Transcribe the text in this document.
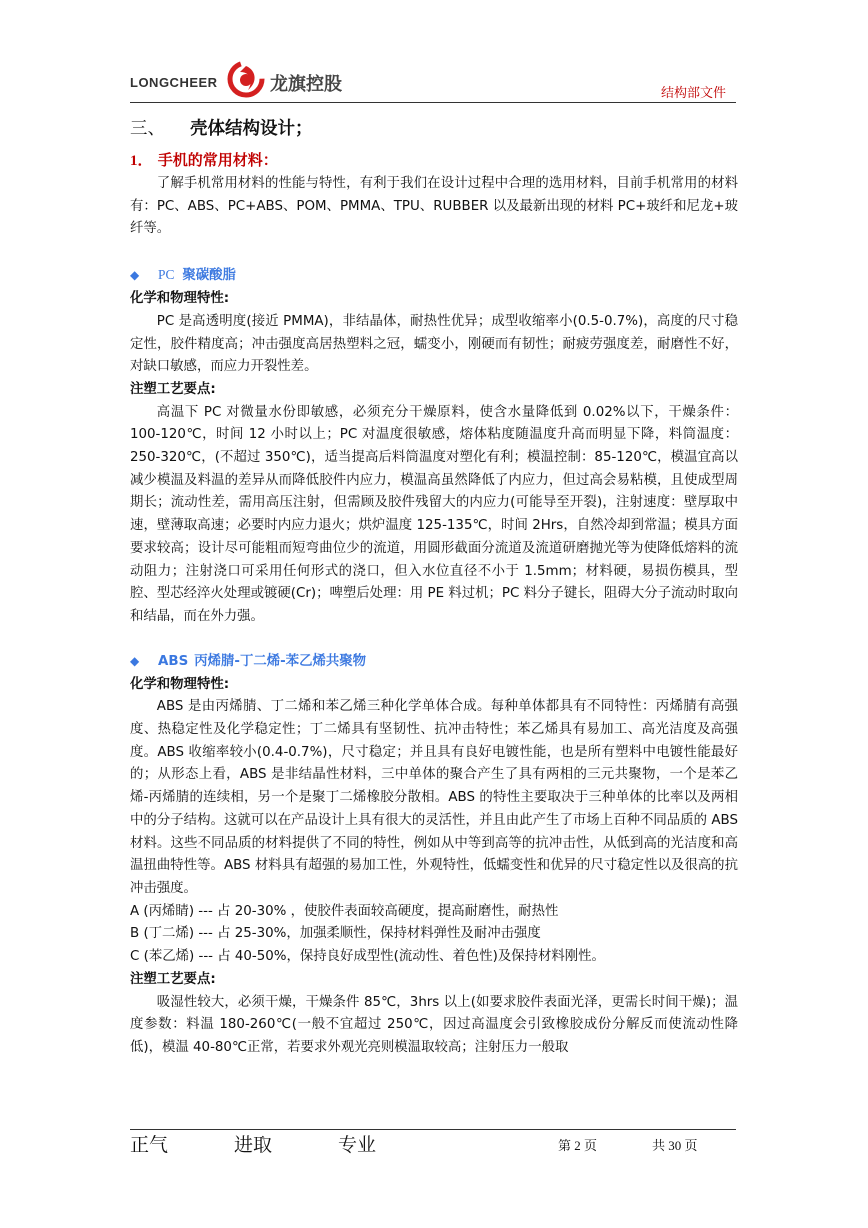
LONGCHEER	龙旗控股	结构部文件
三、 壳体结构设计；
1． 手机的常用材料：

了解手机常用材料的性能与特性，有利于我们在设计过程中合理的选用材料，目前手机常用的材料有：PC、ABS、PC+ABS、POM、PMMA、TPU、RUBBER 以及最新出现的材料 PC+玻纤和尼龙+玻纤等。

◆ PC 聚碳酸脂

化学和物理特性:

PC 是高透明度(接近 PMMA)，非结晶体，耐热性优异；成型收缩率小(0.5-0.7%)，高度的尺寸稳定性，胶件精度高；冲击强度高居热塑料之冠，蠕变小，刚硬而有韧性；耐疲劳强度差，耐磨性不好，对缺口敏感，而应力开裂性差。

注塑工艺要点:

高温下 PC 对微量水份即敏感，必须充分干燥原料，使含水量降低到 0.02%以下，干燥条件：100-120℃，时间 12 小时以上；PC 对温度很敏感，熔体粘度随温度升高而明显下降，料筒温度：250-320℃，(不超过 350℃)，适当提高后料筒温度对塑化有利；模温控制：85-120℃，模温宜高以减少模温及料温的差异从而降低胶件内应力，模温高虽然降低了内应力，但过高会易粘模，且使成型周期长；流动性差，需用高压注射，但需顾及胶件残留大的内应力(可能导至开裂)，注射速度：壁厚取中速，壁薄取高速；必要时内应力退火；烘炉温度 125-135℃，时间 2Hrs，自然冷却到常温；模具方面要求较高；设计尽可能粗而短弯曲位少的流道，用圆形截面分流道及流道研磨抛光等为使降低熔料的流动阻力；注射浇口可采用任何形式的浇口，但入水位直径不小于 1.5mm；材料硬，易损伤模具，型腔、型芯经淬火处理或镀硬(Cr)；啤塑后处理：用 PE 料过机；PC 料分子键长，阻碍大分子流动时取向和结晶，而在外力强。

◆ ABS 丙烯腈-丁二烯-苯乙烯共聚物

化学和物理特性:

ABS 是由丙烯腈、丁二烯和苯乙烯三种化学单体合成。每种单体都具有不同特性：丙烯腈有高强度、热稳定性及化学稳定性；丁二烯具有坚韧性、抗冲击特性；苯乙烯具有易加工、高光洁度及高强度。ABS 收缩率较小(0.4-0.7%)，尺寸稳定；并且具有良好电镀性能，也是所有塑料中电镀性能最好的；从形态上看，ABS 是非结晶性材料，三中单体的聚合产生了具有两相的三元共聚物，一个是苯乙烯-丙烯腈的连续相，另一个是聚丁二烯橡胶分散相。ABS 的特性主要取决于三种单体的比率以及两相中的分子结构。这就可以在产品设计上具有很大的灵活性，并且由此产生了市场上百种不同品质的 ABS 材料。这些不同品质的材料提供了不同的特性，例如从中等到高等的抗冲击性，从低到高的光洁度和高温扭曲特性等。ABS 材料具有超强的易加工性，外观特性，低蠕变性和优异的尺寸稳定性以及很高的抗冲击强度。

A (丙烯睛) --- 占 20-30% ，使胶件表面较高硬度，提高耐磨性，耐热性

B (丁二烯) --- 占 25-30%，加强柔顺性，保持材料弹性及耐冲击强度

C (苯乙烯) --- 占 40-50%，保持良好成型性(流动性、着色性)及保持材料刚性。

注塑工艺要点:

吸湿性较大，必须干燥，干燥条件 85℃，3hrs 以上(如要求胶件表面光泽，更需长时间干燥)；温度参数：料温 180-260℃(一般不宜超过 250℃，因过高温度会引致橡胶成份分解反而使流动性降低)，模温 40-80℃正常，若要求外观光亮则模温取较高；注射压力一般取

正气	进取	专业	第 2 页	共 30 页
